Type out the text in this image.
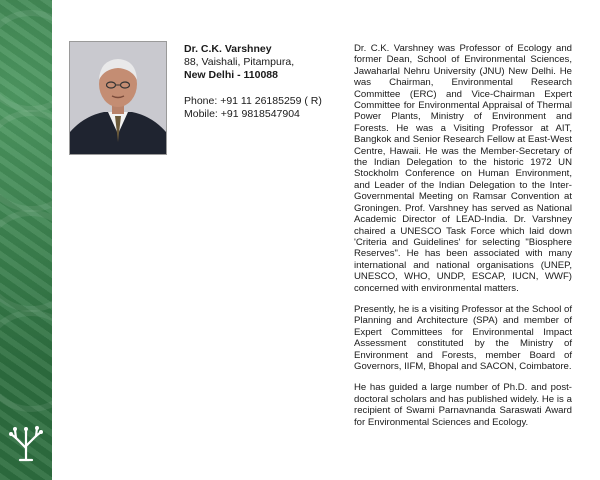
Dr. C.K. Varshney
88, Vaishali, Pitampura,
New Delhi - 110088
Phone: +91 11 26185259 ( R)
Mobile: +91 9818547904

Dr. C.K. Varshney was Professor of Ecology and former Dean, School of Environmental Sciences, Jawaharlal Nehru University (JNU) New Delhi. He was Chairman, Environmental Research Committee (ERC) and Vice-Chairman Expert Committee for Environmental Appraisal of Thermal Power Plants, Ministry of Environment and Forests. He was a Visiting Professor at AIT, Bangkok and Senior Research Fellow at East-West Centre, Hawaii. He was the Member-Secretary of the Indian Delegation to the historic 1972 UN Stockholm Conference on Human Environment, and Leader of the Indian Delegation to the Inter-Governmental Meeting on Ramsar Convention at Groningen. Prof. Varshney has served as National Academic Director of LEAD-India. Dr. Varshney chaired a UNESCO Task Force which laid down 'Criteria and Guidelines' for selecting "Biosphere Reserves". He has been associated with many international and national organisations (UNEP, UNESCO, WHO, UNDP, ESCAP, IUCN, WWF) concerned with environmental matters.

Presently, he is a visiting Professor at the School of Planning and Architecture (SPA) and member of Expert Committees for Environmental Impact Assessment constituted by the Ministry of Environment and Forests, member Board of Governors, IIFM, Bhopal and SACON, Coimbatore.

He has guided a large number of Ph.D. and post-doctoral scholars and has published widely. He is a recipient of Swami Parnavnanda Saraswati Award for Environmental Sciences and Ecology.
